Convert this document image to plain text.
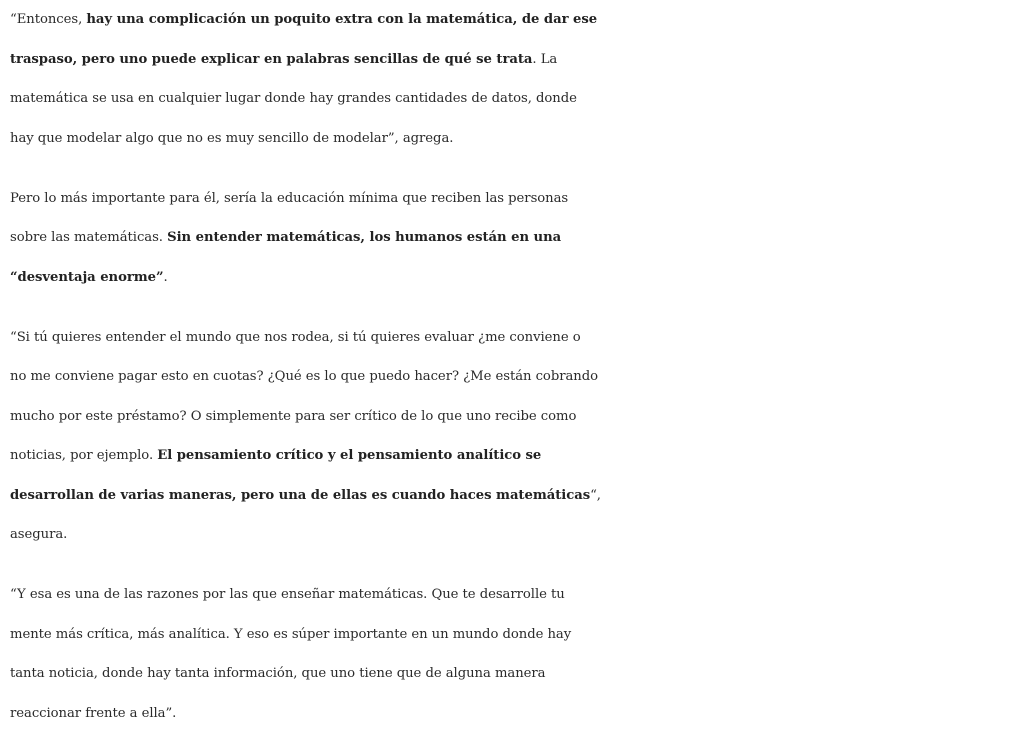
“Entonces, hay una complicación un poquito extra con la matemática, de dar ese
traspaso, pero uno puede explicar en palabras sencillas de qué se trata. La
matemática se usa en cualquier lugar donde hay grandes cantidades de datos, donde
hay que modelar algo que no es muy sencillo de modelar”, agrega.

Pero lo más importante para él, sería la educación mínima que reciben las personas
sobre las matemáticas. Sin entender matemáticas, los humanos están en una
“desventaja enorme”.

“Si tú quieres entender el mundo que nos rodea, si tú quieres evaluar ¿me conviene o
no me conviene pagar esto en cuotas? ¿Qué es lo que puedo hacer? ¿Me están cobrando
mucho por este préstamo? O simplemente para ser crítico de lo que uno recibe como
noticias, por ejemplo. El pensamiento crítico y el pensamiento analítico se
desarrollan de varias maneras, pero una de ellas es cuando haces matemáticas“,
asegura.

“Y esa es una de las razones por las que enseñar matemáticas. Que te desarrolle tu
mente más crítica, más analítica. Y eso es súper importante en un mundo donde hay
tanta noticia, donde hay tanta información, que uno tiene que de alguna manera
reaccionar frente a ella”.
